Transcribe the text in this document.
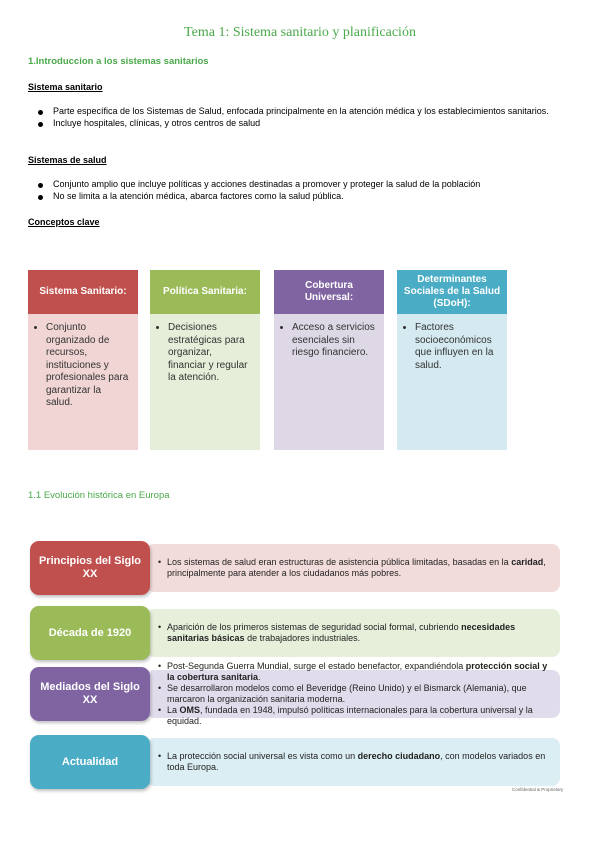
Tema 1: Sistema sanitario y planificación
1.Introduccion a los sistemas sanitarios
Sistema sanitario
Parte específica de los Sistemas de Salud, enfocada principalmente en la atención médica y los establecimientos sanitarios.
Incluye hospitales, clínicas, y otros centros de salud
Sistemas de salud
Conjunto amplio que incluye políticas y acciones destinadas a promover y proteger la salud de la población
No se limita a la atención médica, abarca factores como la salud pública.
Conceptos clave
Sistema Sanitario:
• Conjunto organizado de recursos, instituciones y profesionales para garantizar la salud.
Política Sanitaria:
• Decisiones estratégicas para organizar, financiar y regular la atención.
Cobertura Universal:
• Acceso a servicios esenciales sin riesgo financiero.
Determinantes Sociales de la Salud (SDoH):
• Factores socioeconómicos que influyen en la salud.
1.1 Evolución histórica en Europa
• Los sistemas de salud eran estructuras de asistencia pública limitadas, basadas en la caridad, principalmente para atender a los ciudadanos más pobres.
Principios del Siglo XX
• Aparición de los primeros sistemas de seguridad social formal, cubriendo necesidades sanitarias básicas de trabajadores industriales.
Década de 1920
• Post-Segunda Guerra Mundial, surge el estado benefactor, expandiéndola protección social y la cobertura sanitaria.
• Se desarrollaron modelos como el Beveridge (Reino Unido) y el Bismarck (Alemania), que marcaron la organización sanitaria moderna.
• La OMS, fundada en 1948, impulsó políticas internacionales para la cobertura universal y la equidad.
Mediados del Siglo XX
• La protección social universal es vista como un derecho ciudadano, con modelos variados en toda Europa.
Actualidad
Confidential & Proprietary
